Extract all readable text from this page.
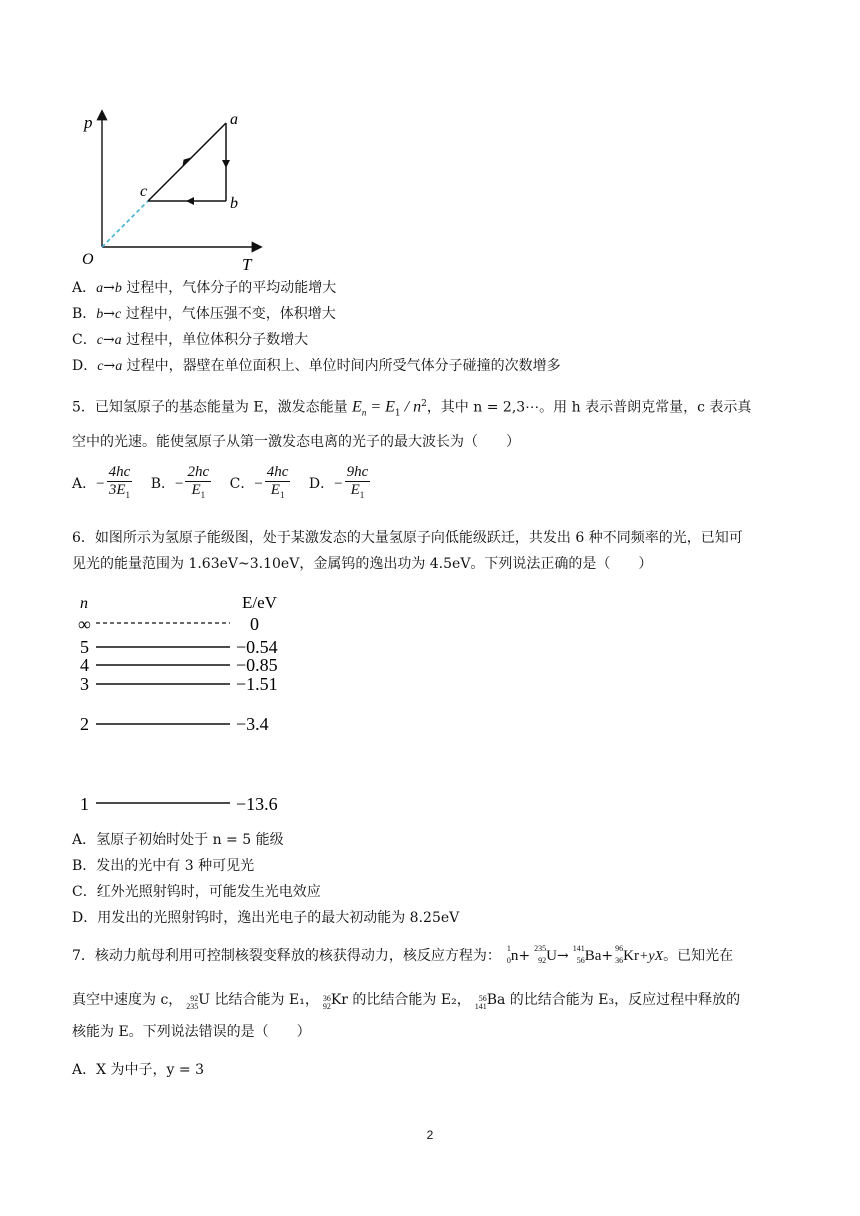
p
T
O
a
b
c
A．a→b 过程中，气体分子的平均动能增大
B．b→c 过程中，气体压强不变，体积增大
C．c→a 过程中，单位体积分子数增大
D．c→a 过程中，器壁在单位面积上、单位时间内所受气体分子碰撞的次数增多
5．已知氢原子的基态能量为 E，激发态能量 $E_n = E_1 / n^2$，其中 n = 2,3⋯。用 h 表示普朗克常量，c 表示真
空中的光速。能使氢原子从第一激发态电离的光子的最大波长为（　　）
A．− $\frac{4hc}{3E_1}$ B．− $\frac{2hc}{E_1}$ C．− $\frac{4hc}{E_1}$ D．− $\frac{9hc}{E_1}$
6．如图所示为氢原子能级图，处于某激发态的大量氢原子向低能级跃迁，共发出 6 种不同频率的光，已知可
见光的能量范围为 1.63eV~3.10eV，金属钨的逸出功为 4.5eV。下列说法正确的是（　　）
n	E/eV
∞	0
5	−0.54
4	−0.85
3	−1.51
2	−3.4
1	−13.6
A．氢原子初始时处于 n = 5 能级
B．发出的光中有 3 种可见光
C．红外光照射钨时，可能发生光电效应
D．用发出的光照射钨时，逸出光电子的最大初动能为 8.25eV
7．核动力航母利用可控制核裂变释放的核获得动力，核反应方程为： 1
0 n+ 235
92 U→ 141
56 Ba+ 96
36 Kr+yX。已知光在
真空中速度为 c， 235
92 U 比结合能为 E₁， 92
36 Kr 的比结合能为 E₂， 141
56 Ba 的比结合能为 E₃，反应过程中释放的
核能为 E。下列说法错误的是（　　）
A．X 为中子，y = 3
2
